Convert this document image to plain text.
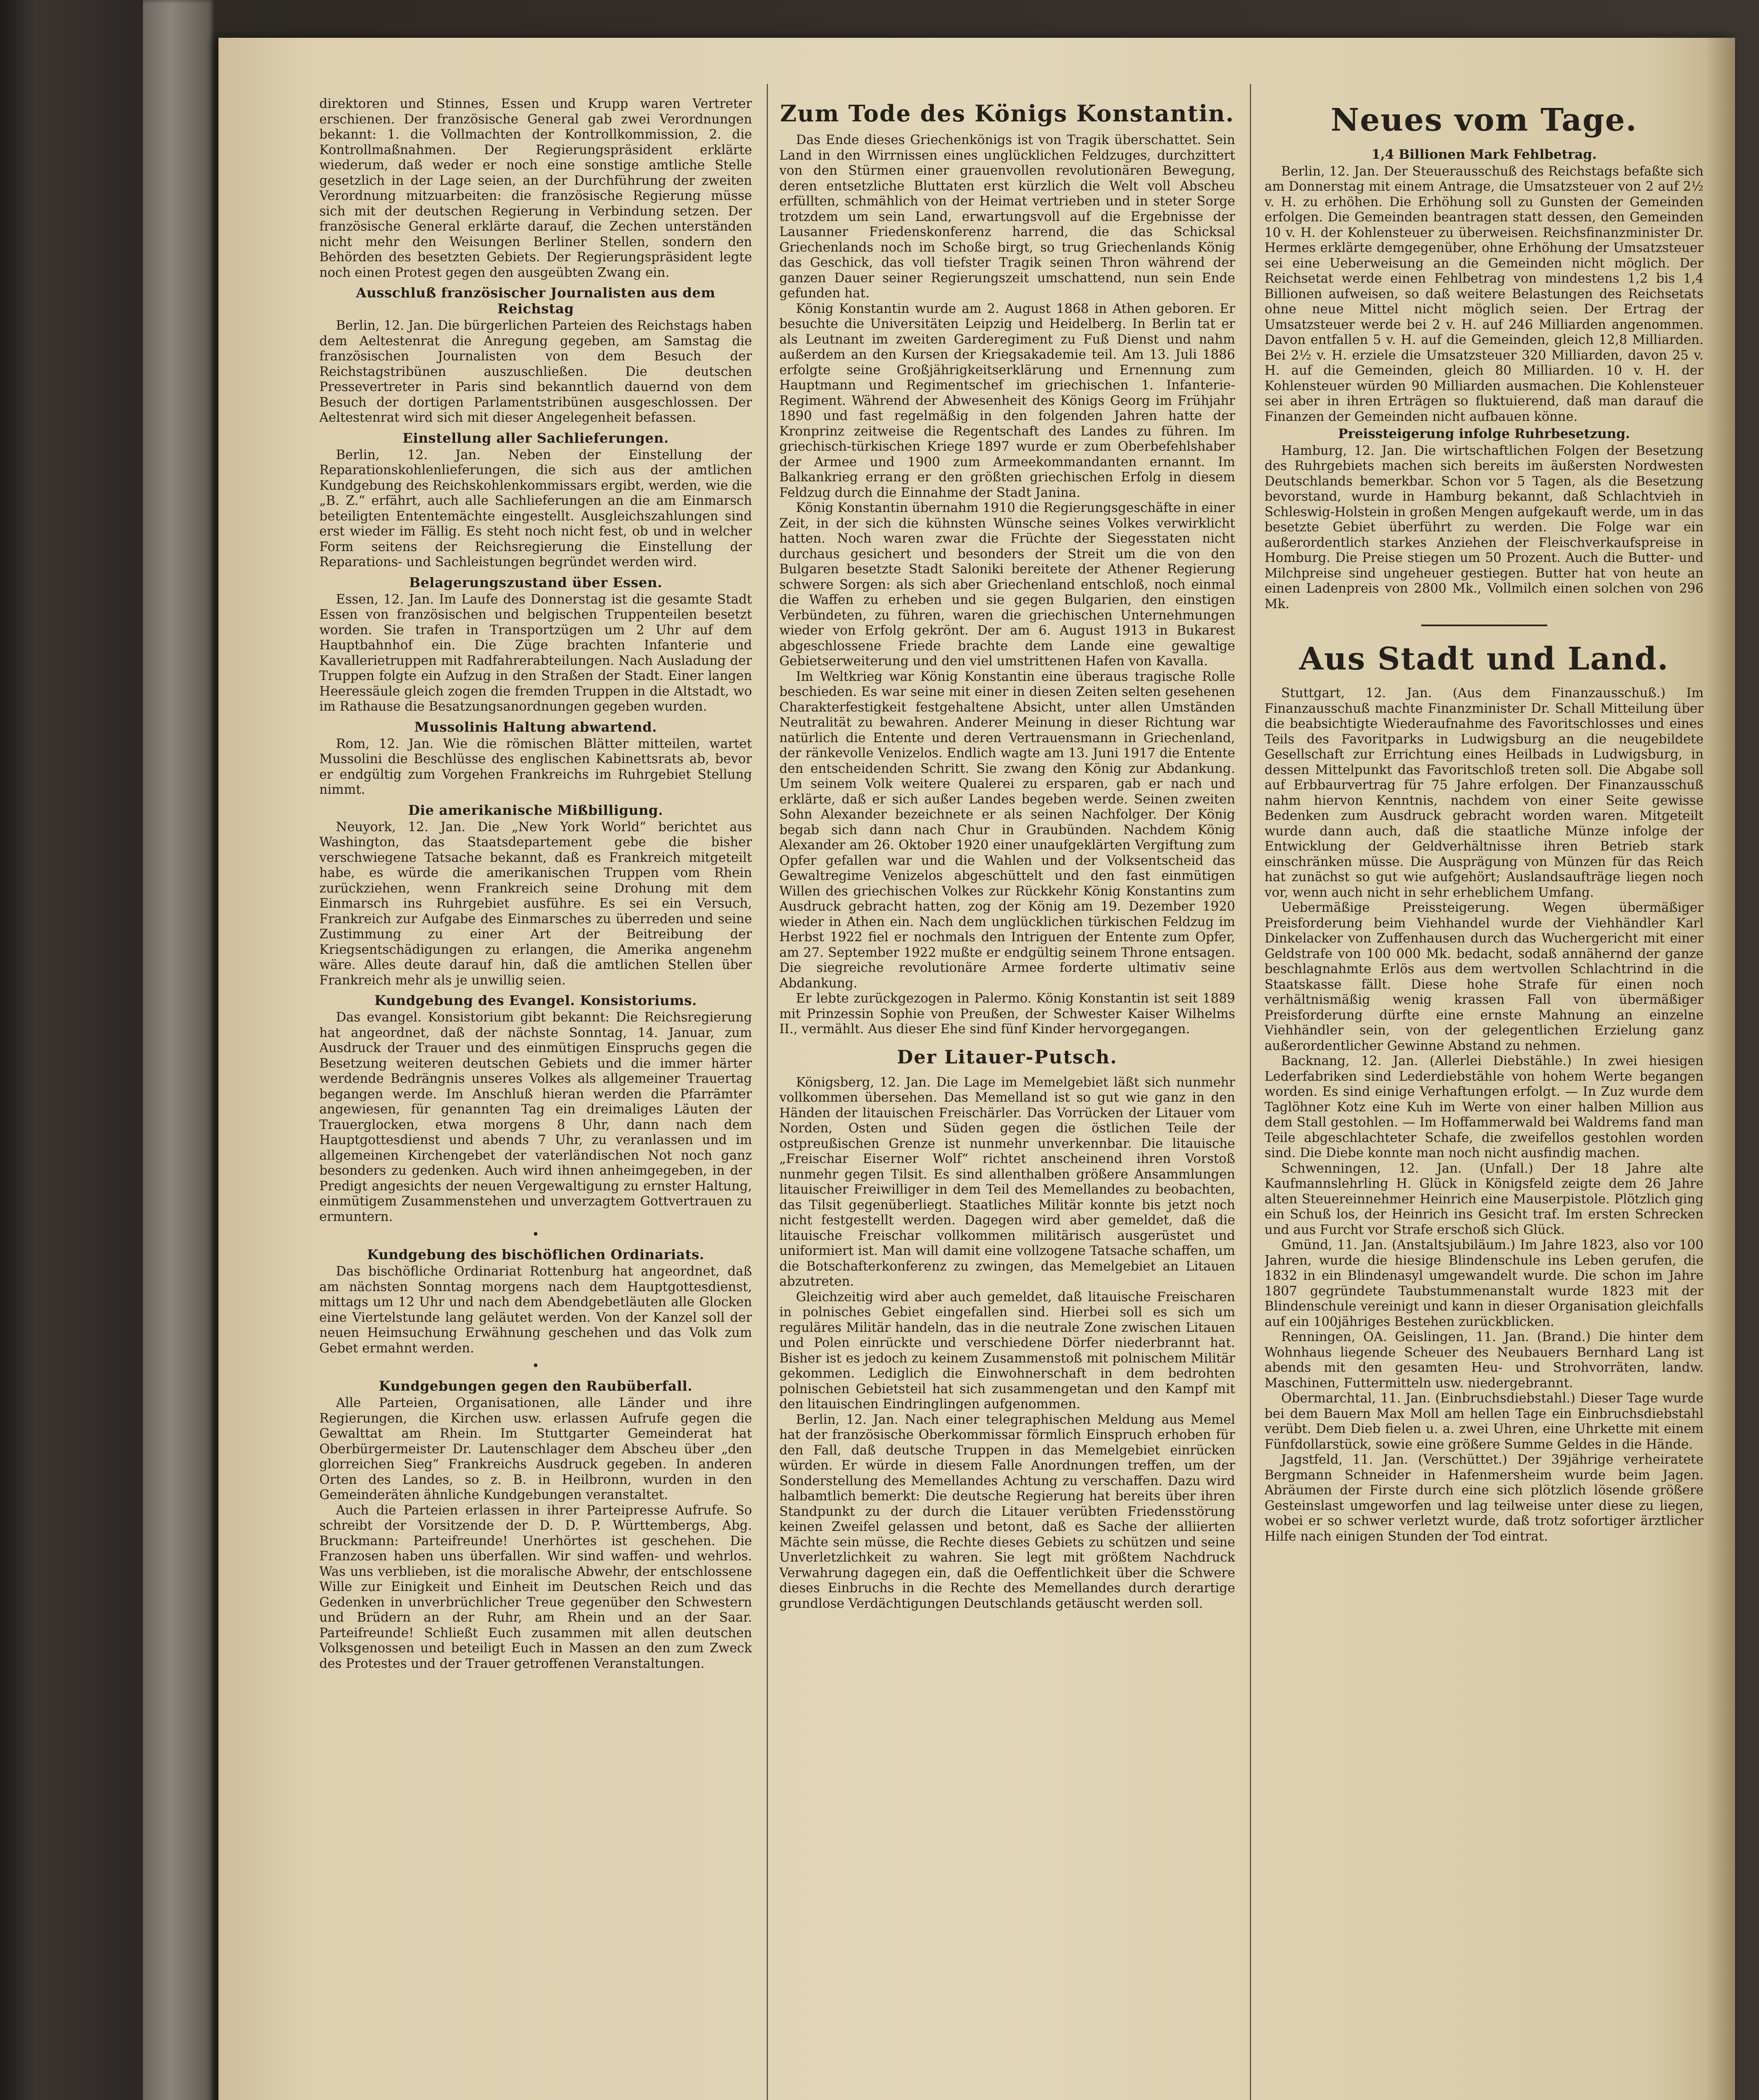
direktoren und Stinnes, Essen und Krupp waren Vertreter erschienen. Der französische General gab zwei Verordnungen bekannt: 1. die Vollmachten der Kontrollkommission, 2. die Kontrollmaßnahmen. Der Regierungspräsident erklärte wiederum, daß weder er noch eine sonstige amtliche Stelle gesetzlich in der Lage seien, an der Durchführung der zweiten Verordnung mitzuarbeiten: die französische Regierung müsse sich mit der deutschen Regierung in Verbindung setzen. Der französische General erklärte darauf, die Zechen unterständen nicht mehr den Weisungen Berliner Stellen, sondern den Behörden des besetzten Gebiets. Der Regierungspräsident legte noch einen Protest gegen den ausgeübten Zwang ein.

Ausschluß französischer Journalisten aus dem Reichstag

Berlin, 12. Jan. Die bürgerlichen Parteien des Reichstags haben dem Aeltestenrat die Anregung gegeben, am Samstag die französischen Journalisten von dem Besuch der Reichstagstribünen auszuschließen. Die deutschen Pressevertreter in Paris sind bekanntlich dauernd von dem Besuch der dortigen Parlamentstribünen ausgeschlossen. Der Aeltestenrat wird sich mit dieser Angelegenheit befassen.

Einstellung aller Sachlieferungen.

Berlin, 12. Jan. Neben der Einstellung der Reparationskohlenlieferungen, die sich aus der amtlichen Kundgebung des Reichskohlenkommissars ergibt, werden, wie die „B. Z.“ erfährt, auch alle Sachlieferungen an die am Einmarsch beteiligten Ententemächte eingestellt. Ausgleichszahlungen sind erst wieder im Fällig. Es steht noch nicht fest, ob und in welcher Form seitens der Reichsregierung die Einstellung der Reparations- und Sachleistungen begründet werden wird.

Belagerungszustand über Essen.

Essen, 12. Jan. Im Laufe des Donnerstag ist die gesamte Stadt Essen von französischen und belgischen Truppenteilen besetzt worden. Sie trafen in Transportzügen um 2 Uhr auf dem Hauptbahnhof ein. Die Züge brachten Infanterie und Kavallerietruppen mit Radfahrerabteilungen. Nach Ausladung der Truppen folgte ein Aufzug in den Straßen der Stadt. Einer langen Heeressäule gleich zogen die fremden Truppen in die Altstadt, wo im Rathause die Besatzungsanordnungen gegeben wurden.

Mussolinis Haltung abwartend.

Rom, 12. Jan. Wie die römischen Blätter mitteilen, wartet Mussolini die Beschlüsse des englischen Kabinettsrats ab, bevor er endgültig zum Vorgehen Frankreichs im Ruhrgebiet Stellung nimmt.

Die amerikanische Mißbilligung.

Neuyork, 12. Jan. Die „New York World“ berichtet aus Washington, das Staatsdepartement gebe die bisher verschwiegene Tatsache bekannt, daß es Frankreich mitgeteilt habe, es würde die amerikanischen Truppen vom Rhein zurückziehen, wenn Frankreich seine Drohung mit dem Einmarsch ins Ruhrgebiet ausführe. Es sei ein Versuch, Frankreich zur Aufgabe des Einmarsches zu überreden und seine Zustimmung zu einer Art der Beitreibung der Kriegsentschädigungen zu erlangen, die Amerika angenehm wäre. Alles deute darauf hin, daß die amtlichen Stellen über Frankreich mehr als je unwillig seien.

Kundgebung des Evangel. Konsistoriums.

Das evangel. Konsistorium gibt bekannt: Die Reichsregierung hat angeordnet, daß der nächste Sonntag, 14. Januar, zum Ausdruck der Trauer und des einmütigen Einspruchs gegen die Besetzung weiteren deutschen Gebiets und die immer härter werdende Bedrängnis unseres Volkes als allgemeiner Trauertag begangen werde. Im Anschluß hieran werden die Pfarrämter angewiesen, für genannten Tag ein dreimaliges Läuten der Trauerglocken, etwa morgens 8 Uhr, dann nach dem Hauptgottesdienst und abends 7 Uhr, zu veranlassen und im allgemeinen Kirchengebet der vaterländischen Not noch ganz besonders zu gedenken. Auch wird ihnen anheimgegeben, in der Predigt angesichts der neuen Vergewaltigung zu ernster Haltung, einmütigem Zusammenstehen und unverzagtem Gottvertrauen zu ermuntern.

•
Kundgebung des bischöflichen Ordinariats.

Das bischöfliche Ordinariat Rottenburg hat angeordnet, daß am nächsten Sonntag morgens nach dem Hauptgottesdienst, mittags um 12 Uhr und nach dem Abendgebetläuten alle Glocken eine Viertelstunde lang geläutet werden. Von der Kanzel soll der neuen Heimsuchung Erwähnung geschehen und das Volk zum Gebet ermahnt werden.

•
Kundgebungen gegen den Raubüberfall.

Alle Parteien, Organisationen, alle Länder und ihre Regierungen, die Kirchen usw. erlassen Aufrufe gegen die Gewalttat am Rhein. Im Stuttgarter Gemeinderat hat Oberbürgermeister Dr. Lautenschlager dem Abscheu über „den glorreichen Sieg“ Frankreichs Ausdruck gegeben. In anderen Orten des Landes, so z. B. in Heilbronn, wurden in den Gemeinderäten ähnliche Kundgebungen veranstaltet.

Auch die Parteien erlassen in ihrer Parteipresse Aufrufe. So schreibt der Vorsitzende der D. D. P. Württembergs, Abg. Bruckmann: Parteifreunde! Unerhörtes ist geschehen. Die Franzosen haben uns überfallen. Wir sind waffen- und wehrlos. Was uns verblieben, ist die moralische Abwehr, der entschlossene Wille zur Einigkeit und Einheit im Deutschen Reich und das Gedenken in unverbrüchlicher Treue gegenüber den Schwestern und Brüdern an der Ruhr, am Rhein und an der Saar. Parteifreunde! Schließt Euch zusammen mit allen deutschen Volksgenossen und beteiligt Euch in Massen an den zum Zweck des Protestes und der Trauer getroffenen Veranstaltungen.

Zum Tode des Königs Konstantin.

Das Ende dieses Griechenkönigs ist von Tragik überschattet. Sein Land in den Wirrnissen eines unglücklichen Feldzuges, durchzittert von den Stürmen einer grauenvollen revolutionären Bewegung, deren entsetzliche Bluttaten erst kürzlich die Welt voll Abscheu erfüllten, schmählich von der Heimat vertrieben und in steter Sorge trotzdem um sein Land, erwartungsvoll auf die Ergebnisse der Lausanner Friedenskonferenz harrend, die das Schicksal Griechenlands noch im Schoße birgt, so trug Griechenlands König das Geschick, das voll tiefster Tragik seinen Thron während der ganzen Dauer seiner Regierungszeit umschattend, nun sein Ende gefunden hat.

König Konstantin wurde am 2. August 1868 in Athen geboren. Er besuchte die Universitäten Leipzig und Heidelberg. In Berlin tat er als Leutnant im zweiten Garderegiment zu Fuß Dienst und nahm außerdem an den Kursen der Kriegsakademie teil. Am 13. Juli 1886 erfolgte seine Großjährigkeitserklärung und Ernennung zum Hauptmann und Regimentschef im griechischen 1. Infanterie-Regiment. Während der Abwesenheit des Königs Georg im Frühjahr 1890 und fast regelmäßig in den folgenden Jahren hatte der Kronprinz zeitweise die Regentschaft des Landes zu führen. Im griechisch-türkischen Kriege 1897 wurde er zum Oberbefehlshaber der Armee und 1900 zum Armeekommandanten ernannt. Im Balkankrieg errang er den größten griechischen Erfolg in diesem Feldzug durch die Einnahme der Stadt Janina.

König Konstantin übernahm 1910 die Regierungsgeschäfte in einer Zeit, in der sich die kühnsten Wünsche seines Volkes verwirklicht hatten. Noch waren zwar die Früchte der Siegesstaten nicht durchaus gesichert und besonders der Streit um die von den Bulgaren besetzte Stadt Saloniki bereitete der Athener Regierung schwere Sorgen: als sich aber Griechenland entschloß, noch einmal die Waffen zu erheben und sie gegen Bulgarien, den einstigen Verbündeten, zu führen, waren die griechischen Unternehmungen wieder von Erfolg gekrönt. Der am 6. August 1913 in Bukarest abgeschlossene Friede brachte dem Lande eine gewaltige Gebietserweiterung und den viel umstrittenen Hafen von Kavalla.

Im Weltkrieg war König Konstantin eine überaus tragische Rolle beschieden. Es war seine mit einer in diesen Zeiten selten gesehenen Charakterfestigkeit festgehaltene Absicht, unter allen Umständen Neutralität zu bewahren. Anderer Meinung in dieser Richtung war natürlich die Entente und deren Vertrauensmann in Griechenland, der ränkevolle Venizelos. Endlich wagte am 13. Juni 1917 die Entente den entscheidenden Schritt. Sie zwang den König zur Abdankung. Um seinem Volk weitere Qualerei zu ersparen, gab er nach und erklärte, daß er sich außer Landes begeben werde. Seinen zweiten Sohn Alexander bezeichnete er als seinen Nachfolger. Der König begab sich dann nach Chur in Graubünden. Nachdem König Alexander am 26. Oktober 1920 einer unaufgeklärten Vergiftung zum Opfer gefallen war und die Wahlen und der Volksentscheid das Gewaltregime Venizelos abgeschüttelt und den fast einmütigen Willen des griechischen Volkes zur Rückkehr König Konstantins zum Ausdruck gebracht hatten, zog der König am 19. Dezember 1920 wieder in Athen ein. Nach dem unglücklichen türkischen Feldzug im Herbst 1922 fiel er nochmals den Intriguen der Entente zum Opfer, am 27. September 1922 mußte er endgültig seinem Throne entsagen. Die siegreiche revolutionäre Armee forderte ultimativ seine Abdankung.

Er lebte zurückgezogen in Palermo. König Konstantin ist seit 1889 mit Prinzessin Sophie von Preußen, der Schwester Kaiser Wilhelms II., vermählt. Aus dieser Ehe sind fünf Kinder hervorgegangen.

Der Litauer-Putsch.

Königsberg, 12. Jan. Die Lage im Memelgebiet läßt sich nunmehr vollkommen übersehen. Das Memelland ist so gut wie ganz in den Händen der litauischen Freischärler. Das Vorrücken der Litauer vom Norden, Osten und Süden gegen die östlichen Teile der ostpreußischen Grenze ist nunmehr unverkennbar. Die litauische „Freischar Eiserner Wolf“ richtet anscheinend ihren Vorstoß nunmehr gegen Tilsit. Es sind allenthalben größere Ansammlungen litauischer Freiwilliger in dem Teil des Memellandes zu beobachten, das Tilsit gegenüberliegt. Staatliches Militär konnte bis jetzt noch nicht festgestellt werden. Dagegen wird aber gemeldet, daß die litauische Freischar vollkommen militärisch ausgerüstet und uniformiert ist. Man will damit eine vollzogene Tatsache schaffen, um die Botschafterkonferenz zu zwingen, das Memelgebiet an Litauen abzutreten.

Gleichzeitig wird aber auch gemeldet, daß litauische Freischaren in polnisches Gebiet eingefallen sind. Hierbei soll es sich um reguläres Militär handeln, das in die neutrale Zone zwischen Litauen und Polen einrückte und verschiedene Dörfer niederbrannt hat. Bisher ist es jedoch zu keinem Zusammenstoß mit polnischem Militär gekommen. Lediglich die Einwohnerschaft in dem bedrohten polnischen Gebietsteil hat sich zusammengetan und den Kampf mit den litauischen Eindringlingen aufgenommen.

Berlin, 12. Jan. Nach einer telegraphischen Meldung aus Memel hat der französische Oberkommissar förmlich Einspruch erhoben für den Fall, daß deutsche Truppen in das Memelgebiet einrücken würden. Er würde in diesem Falle Anordnungen treffen, um der Sonderstellung des Memellandes Achtung zu verschaffen. Dazu wird halbamtlich bemerkt: Die deutsche Regierung hat bereits über ihren Standpunkt zu der durch die Litauer verübten Friedensstörung keinen Zweifel gelassen und betont, daß es Sache der alliierten Mächte sein müsse, die Rechte dieses Gebiets zu schützen und seine Unverletzlichkeit zu wahren. Sie legt mit größtem Nachdruck Verwahrung dagegen ein, daß die Oeffentlichkeit über die Schwere dieses Einbruchs in die Rechte des Memellandes durch derartige grundlose Verdächtigungen Deutschlands getäuscht werden soll.

Neues vom Tage.
1,4 Billionen Mark Fehlbetrag.

Berlin, 12. Jan. Der Steuerausschuß des Reichstags befaßte sich am Donnerstag mit einem Antrage, die Umsatzsteuer von 2 auf 2½ v. H. zu erhöhen. Die Erhöhung soll zu Gunsten der Gemeinden erfolgen. Die Gemeinden beantragen statt dessen, den Gemeinden 10 v. H. der Kohlensteuer zu überweisen. Reichsfinanzminister Dr. Hermes erklärte demgegenüber, ohne Erhöhung der Umsatzsteuer sei eine Ueberweisung an die Gemeinden nicht möglich. Der Reichsetat werde einen Fehlbetrag von mindestens 1,2 bis 1,4 Billionen aufweisen, so daß weitere Belastungen des Reichsetats ohne neue Mittel nicht möglich seien. Der Ertrag der Umsatzsteuer werde bei 2 v. H. auf 246 Milliarden angenommen. Davon entfallen 5 v. H. auf die Gemeinden, gleich 12,8 Milliarden. Bei 2½ v. H. erziele die Umsatzsteuer 320 Milliarden, davon 25 v. H. auf die Gemeinden, gleich 80 Milliarden. 10 v. H. der Kohlensteuer würden 90 Milliarden ausmachen. Die Kohlensteuer sei aber in ihren Erträgen so fluktuierend, daß man darauf die Finanzen der Gemeinden nicht aufbauen könne.

Preissteigerung infolge Ruhrbesetzung.

Hamburg, 12. Jan. Die wirtschaftlichen Folgen der Besetzung des Ruhrgebiets machen sich bereits im äußersten Nordwesten Deutschlands bemerkbar. Schon vor 5 Tagen, als die Besetzung bevorstand, wurde in Hamburg bekannt, daß Schlachtvieh in Schleswig-Holstein in großen Mengen aufgekauft werde, um in das besetzte Gebiet überführt zu werden. Die Folge war ein außerordentlich starkes Anziehen der Fleischverkaufspreise in Homburg. Die Preise stiegen um 50 Prozent. Auch die Butter- und Milchpreise sind ungeheuer gestiegen. Butter hat von heute an einen Ladenpreis von 2800 Mk., Vollmilch einen solchen von 296 Mk.

Aus Stadt und Land.

Stuttgart, 12. Jan. (Aus dem Finanzausschuß.) Im Finanzausschuß machte Finanzminister Dr. Schall Mitteilung über die beabsichtigte Wiederaufnahme des Favoritschlosses und eines Teils des Favoritparks in Ludwigsburg an die neugebildete Gesellschaft zur Errichtung eines Heilbads in Ludwigsburg, in dessen Mittelpunkt das Favoritschloß treten soll. Die Abgabe soll auf Erbbaurvertrag für 75 Jahre erfolgen. Der Finanzausschuß nahm hiervon Kenntnis, nachdem von einer Seite gewisse Bedenken zum Ausdruck gebracht worden waren. Mitgeteilt wurde dann auch, daß die staatliche Münze infolge der Entwicklung der Geldverhältnisse ihren Betrieb stark einschränken müsse. Die Ausprägung von Münzen für das Reich hat zunächst so gut wie aufgehört; Auslandsaufträge liegen noch vor, wenn auch nicht in sehr erheblichem Umfang.

Uebermäßige Preissteigerung. Wegen übermäßiger Preisforderung beim Viehhandel wurde der Viehhändler Karl Dinkelacker von Zuffenhausen durch das Wuchergericht mit einer Geldstrafe von 100 000 Mk. bedacht, sodaß annähernd der ganze beschlagnahmte Erlös aus dem wertvollen Schlachtrind in die Staatskasse fällt. Diese hohe Strafe für einen noch verhältnismäßig wenig krassen Fall von übermäßiger Preisforderung dürfte eine ernste Mahnung an einzelne Viehhändler sein, von der gelegentlichen Erzielung ganz außerordentlicher Gewinne Abstand zu nehmen.

Backnang, 12. Jan. (Allerlei Diebstähle.) In zwei hiesigen Lederfabriken sind Lederdiebstähle von hohem Werte begangen worden. Es sind einige Verhaftungen erfolgt. — In Zuz wurde dem Taglöhner Kotz eine Kuh im Werte von einer halben Million aus dem Stall gestohlen. — Im Hoffammerwald bei Waldrems fand man Teile abgeschlachteter Schafe, die zweifellos gestohlen worden sind. Die Diebe konnte man noch nicht ausfindig machen.

Schwenningen, 12. Jan. (Unfall.) Der 18 Jahre alte Kaufmannslehrling H. Glück in Königsfeld zeigte dem 26 Jahre alten Steuereinnehmer Heinrich eine Mauserpistole. Plötzlich ging ein Schuß los, der Heinrich ins Gesicht traf. Im ersten Schrecken und aus Furcht vor Strafe erschoß sich Glück.

Gmünd, 11. Jan. (Anstaltsjubiläum.) Im Jahre 1823, also vor 100 Jahren, wurde die hiesige Blindenschule ins Leben gerufen, die 1832 in ein Blindenasyl umgewandelt wurde. Die schon im Jahre 1807 gegründete Taubstummenanstalt wurde 1823 mit der Blindenschule vereinigt und kann in dieser Organisation gleichfalls auf ein 100jähriges Bestehen zurückblicken.

Renningen, OA. Geislingen, 11. Jan. (Brand.) Die hinter dem Wohnhaus liegende Scheuer des Neubauers Bernhard Lang ist abends mit den gesamten Heu- und Strohvorräten, landw. Maschinen, Futtermitteln usw. niedergebrannt.

Obermarchtal, 11. Jan. (Einbruchsdiebstahl.) Dieser Tage wurde bei dem Bauern Max Moll am hellen Tage ein Einbruchsdiebstahl verübt. Dem Dieb fielen u. a. zwei Uhren, eine Uhrkette mit einem Fünfdollarstück, sowie eine größere Summe Geldes in die Hände.

Jagstfeld, 11. Jan. (Verschüttet.) Der 39jährige verheiratete Bergmann Schneider in Hafenmersheim wurde beim Jagen. Abräumen der Firste durch eine sich plötzlich lösende größere Gesteinslast umgeworfen und lag teilweise unter diese zu liegen, wobei er so schwer verletzt wurde, daß trotz sofortiger ärztlicher Hilfe nach einigen Stunden der Tod eintrat.
